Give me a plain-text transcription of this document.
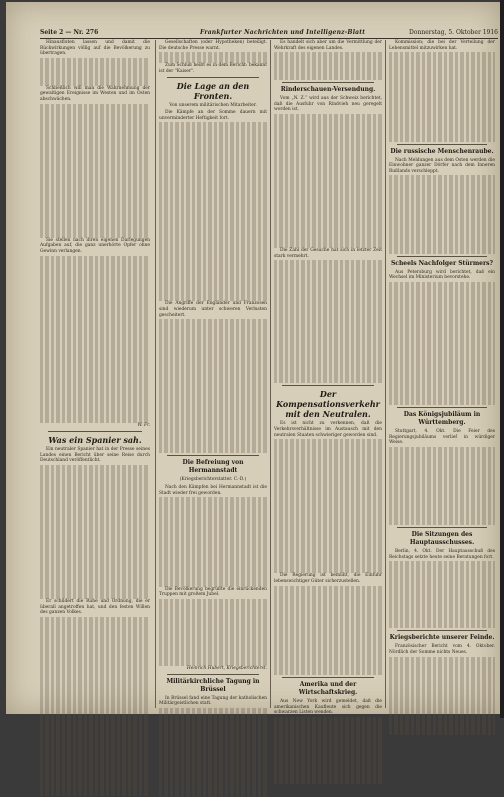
Seite 2 — Nr. 276	Frankfurter Nachrichten und Intelligenz-Blatt	Donnerstag, 5. Oktober 1916

Hinausfluten lassen und damit die Rückwirkungen völlig auf die Bevölkerung zu übertragen.

Schließlich will man die Wahrnehmung der gewaltigen Ereignisse im Westen und im Osten abschwächen.

Sie stellen nach ihren eigenen Darlegungen Aufgaben auf, die ganz unerhörte Opfer ohne Gewinn verlangen.

W. Fr.
Was ein Spanier sah.

Ein neutraler Spanier hat in der Presse seines Landes einen Bericht über seine Reise durch Deutschland veröffentlicht.

Er schildert die Ruhe und Ordnung, die er überall angetroffen hat, und den festen Willen des ganzen Volkes.

Gesellschaften (oder Hypotheken) beteiligt. Die deutsche Presse warnt.

Zum Schluß heißt es in dem Bericht: bekannt ist der "Kaiser".

Die Lage an den Fronten.
Von unserem militärischen Mitarbeiter.

Die Kämpfe an der Somme dauern mit unverminderter Heftigkeit fort.

Die Angriffe der Engländer und Franzosen sind wiederum unter schweren Verlusten gescheitert.

Die Befreiung von Hermannstadt
(Kriegsberichterstatter. C.-D.)

Nach den Kämpfen bei Hermannstadt ist die Stadt wieder frei geworden.

Die Bevölkerung begrüßte die einrückenden Truppen mit großem Jubel.

Heinrich Hubert, Kriegsberichterst.
Militärkirchliche Tagung in Brüssel

In Brüssel fand eine Tagung der katholischen Militärgeistlichen statt.

Es handelt sich aber um die Vermittlung der Wehrkraft des eigenen Landes.

Rinderschauen-Versendung.

Vom „N. Z.“ wird aus der Schweiz berichtet, daß die Ausfuhr von Rindvieh neu geregelt worden ist.

Die Zahl der Gesuche hat sich in letzter Zeit stark vermehrt.

Der Kompensationsverkehr mit den Neutralen.

Es ist nicht zu verkennen, daß die Verkehrsverhältnisse im Austausch mit den neutralen Staaten schwieriger geworden sind.

Die Regierung ist bemüht, die Einfuhr lebenswichtiger Güter sicherzustellen.

Amerika und der Wirtschaftskrieg.

Aus New York wird gemeldet, daß die amerikanischen Kaufleute sich gegen die schwarzen Listen wenden.

Kommission; die bei der Verteilung der Lebensmittel mitzuwirken hat.

Die russische Menschenraube.

Nach Meldungen aus dem Osten werden die Einwohner ganzer Dörfer nach dem Inneren Rußlands verschleppt.

Scheels Nachfolger Stürmers?

Aus Petersburg wird berichtet, daß ein Wechsel im Ministerium bevorstehe.

Das Königsjubiläum in Württemberg.

Stuttgart, 4. Okt. Die Feier des Regierungsjubiläums verlief in würdiger Weise.

Die Sitzungen des Hauptausschusses.

Berlin, 4. Okt. Der Hauptausschuß des Reichstags setzte heute seine Beratungen fort.

Kriegsberichte unserer Feinde.

Französischer Bericht vom 4. Oktober. Nördlich der Somme nichts Neues.
